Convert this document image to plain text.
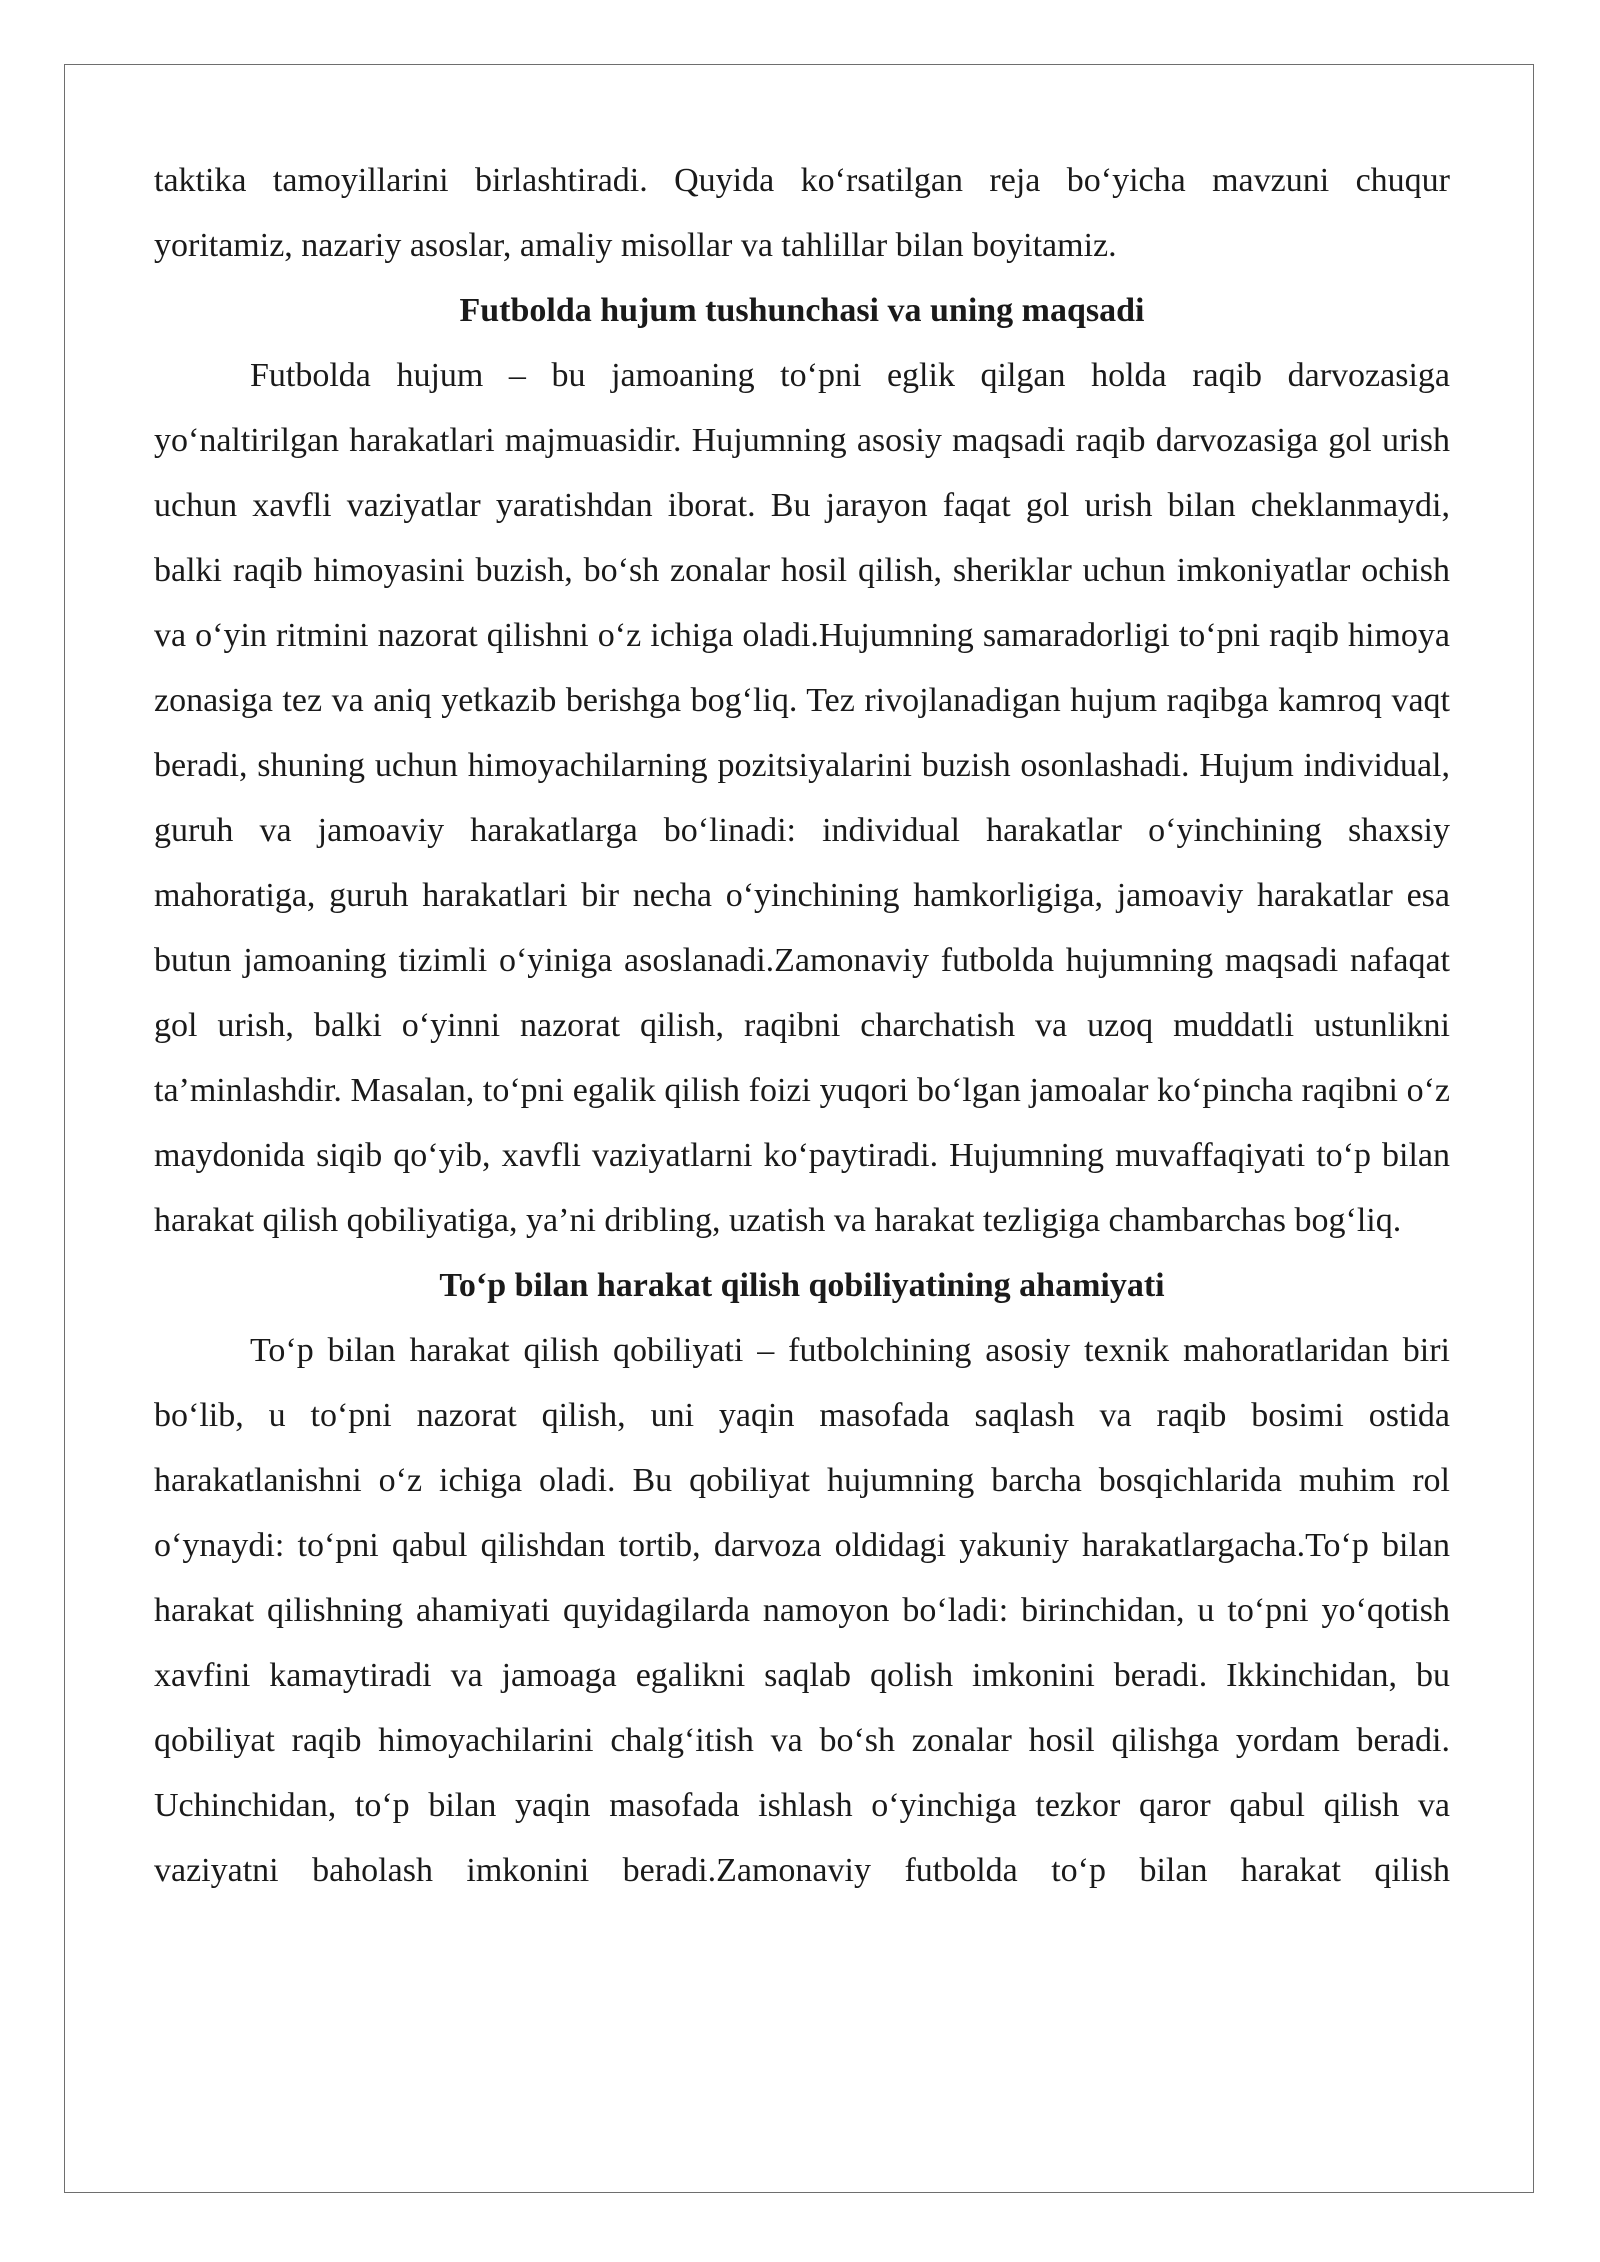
taktika tamoyillarini birlashtiradi. Quyida ko‘rsatilgan reja bo‘yicha mavzuni chuqur yoritamiz, nazariy asoslar, amaliy misollar va tahlillar bilan boyitamiz.

Futbolda hujum tushunchasi va uning maqsadi

Futbolda hujum – bu jamoaning to‘pni eglik qilgan holda raqib darvozasiga yo‘naltirilgan harakatlari majmuasidir. Hujumning asosiy maqsadi raqib darvozasiga gol urish uchun xavfli vaziyatlar yaratishdan iborat. Bu jarayon faqat gol urish bilan cheklanmaydi, balki raqib himoyasini buzish, bo‘sh zonalar hosil qilish, sheriklar uchun imkoniyatlar ochish va o‘yin ritmini nazorat qilishni o‘z ichiga oladi.Hujumning samaradorligi to‘pni raqib himoya zonasiga tez va aniq yetkazib berishga bog‘liq. Tez rivojlanadigan hujum raqibga kamroq vaqt beradi, shuning uchun himoyachilarning pozitsiyalarini buzish osonlashadi. Hujum individual, guruh va jamoaviy harakatlarga bo‘linadi: individual harakatlar o‘yinchining shaxsiy mahoratiga, guruh harakatlari bir necha o‘yinchining hamkorligiga, jamoaviy harakatlar esa butun jamoaning tizimli o‘yiniga asoslanadi.Zamonaviy futbolda hujumning maqsadi nafaqat gol urish, balki o‘yinni nazorat qilish, raqibni charchatish va uzoq muddatli ustunlikni ta’minlashdir. Masalan, to‘pni egalik qilish foizi yuqori bo‘lgan jamoalar ko‘pincha raqibni o‘z maydonida siqib qo‘yib, xavfli vaziyatlarni ko‘paytiradi. Hujumning muvaffaqiyati to‘p bilan harakat qilish qobiliyatiga, ya’ni dribling, uzatish va harakat tezligiga chambarchas bog‘liq.

To‘p bilan harakat qilish qobiliyatining ahamiyati

To‘p bilan harakat qilish qobiliyati – futbolchining asosiy texnik mahoratlaridan biri bo‘lib, u to‘pni nazorat qilish, uni yaqin masofada saqlash va raqib bosimi ostida harakatlanishni o‘z ichiga oladi. Bu qobiliyat hujumning barcha bosqichlarida muhim rol o‘ynaydi: to‘pni qabul qilishdan tortib, darvoza oldidagi yakuniy harakatlargacha.To‘p bilan harakat qilishning ahamiyati quyidagilarda namoyon bo‘ladi: birinchidan, u to‘pni yo‘qotish xavfini kamaytiradi va jamoaga egalikni saqlab qolish imkonini beradi. Ikkinchidan, bu qobiliyat raqib himoyachilarini chalg‘itish va bo‘sh zonalar hosil qilishga yordam beradi. Uchinchidan, to‘p bilan yaqin masofada ishlash o‘yinchiga tezkor qaror qabul qilish va vaziyatni baholash imkonini beradi.Zamonaviy futbolda to‘p bilan harakat qilish
